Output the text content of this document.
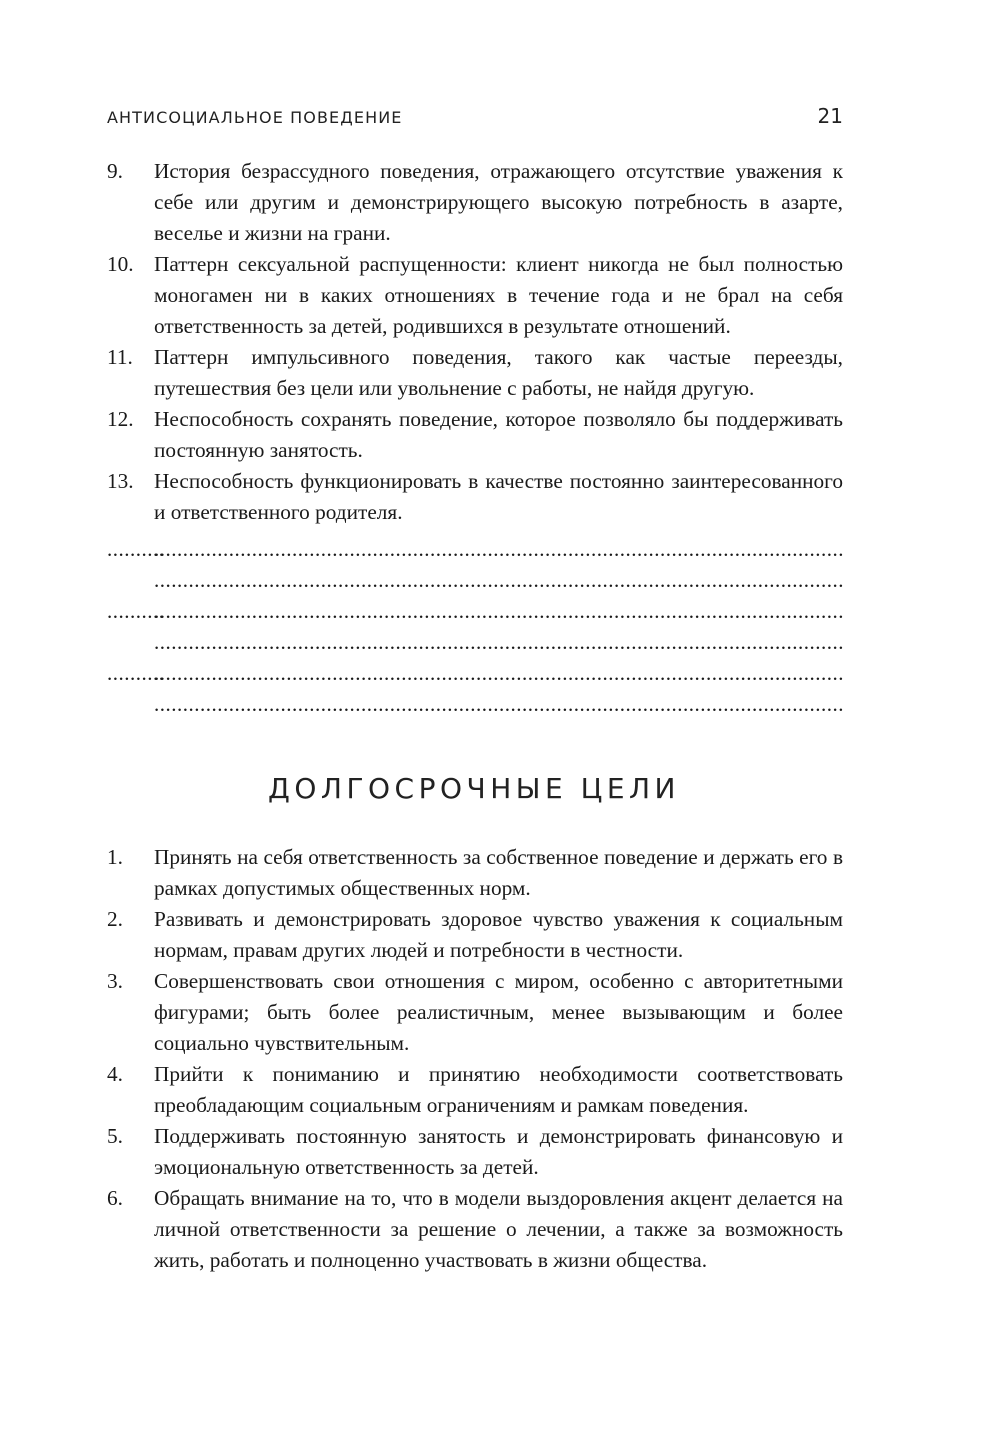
АНТИСОЦИАЛЬНОЕ ПОВЕДЕНИЕ	21
9.	История безрассудного поведения, отражающего отсутствие уважения к себе или другим и демонстрирующего высокую потребность в азарте, веселье и жизни на грани.
10. Паттерн сексуальной распущенности: клиент никогда не был полностью моногамен ни в каких отношениях в течение года и не брал на себя ответственность за детей, родившихся в результате отношений.
11. Паттерн импульсивного поведения, такого как частые переезды, путешествия без цели или увольнение с работы, не найдя другую.
12. Неспособность сохранять поведение, которое позволяло бы поддерживать постоянную занятость.
13. Неспособность функционировать в качестве постоянно заинтересованного и ответственного родителя.
..........
........................................................................................................................
........................................................................................................................
..........
........................................................................................................................
........................................................................................................................
..........
........................................................................................................................
........................................................................................................................
ДОЛГОСРОЧНЫЕ ЦЕЛИ
1.	Принять на себя ответственность за собственное поведение и держать его в рамках допустимых общественных норм.
2.	Развивать и демонстрировать здоровое чувство уважения к социальным нормам, правам других людей и потребности в честности.
3.	Совершенствовать свои отношения с миром, особенно с авторитетными фигурами; быть более реалистичным, менее вызывающим и более социально чувствительным.
4.	Прийти к пониманию и принятию необходимости соответствовать преобладающим социальным ограничениям и рамкам поведения.
5.	Поддерживать постоянную занятость и демонстрировать финансовую и эмоциональную ответственность за детей.
6.	Обращать внимание на то, что в модели выздоровления акцент делается на личной ответственности за решение о лечении, а также за возможность жить, работать и полноценно участвовать в жизни общества.
